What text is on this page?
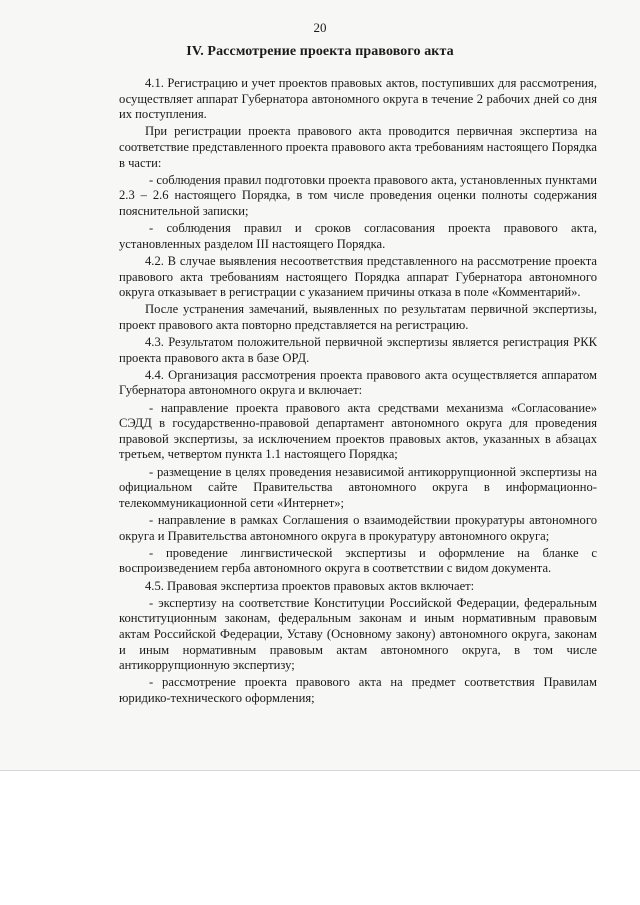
20
IV. Рассмотрение проекта правового акта

4.1. Регистрацию и учет проектов правовых актов, поступивших для рассмотрения, осуществляет аппарат Губернатора автономного округа в течение 2 рабочих дней со дня их поступления.

При регистрации проекта правового акта проводится первичная экспертиза на соответствие представленного проекта правового акта требованиям настоящего Порядка в части:

- соблюдения правил подготовки проекта правового акта, установленных пунктами 2.3 – 2.6 настоящего Порядка, в том числе проведения оценки полноты содержания пояснительной записки;

- соблюдения правил и сроков согласования проекта правового акта, установленных разделом III настоящего Порядка.

4.2. В случае выявления несоответствия представленного на рассмотрение проекта правового акта требованиям настоящего Порядка аппарат Губернатора автономного округа отказывает в регистрации с указанием причины отказа в поле «Комментарий».

После устранения замечаний, выявленных по результатам первичной экспертизы, проект правового акта повторно представляется на регистрацию.

4.3. Результатом положительной первичной экспертизы является регистрация РКК проекта правового акта в базе ОРД.

4.4. Организация рассмотрения проекта правового акта осуществляется аппаратом Губернатора автономного округа и включает:

- направление проекта правового акта средствами механизма «Согласование» СЭДД в государственно-правовой департамент автономного округа для проведения правовой экспертизы, за исключением проектов правовых актов, указанных в абзацах третьем, четвертом пункта 1.1 настоящего Порядка;

- размещение в целях проведения независимой антикоррупционной экспертизы на официальном сайте Правительства автономного округа в информационно-телекоммуникационной сети «Интернет»;

- направление в рамках Соглашения о взаимодействии прокуратуры автономного округа и Правительства автономного округа в прокуратуру автономного округа;

- проведение лингвистической экспертизы и оформление на бланке с воспроизведением герба автономного округа в соответствии с видом документа.

4.5. Правовая экспертиза проектов правовых актов включает:

- экспертизу на соответствие Конституции Российской Федерации, федеральным конституционным законам, федеральным законам и иным нормативным правовым актам Российской Федерации, Уставу (Основному закону) автономного округа, законам и иным нормативным правовым актам автономного округа, в том числе антикоррупционную экспертизу;

- рассмотрение проекта правового акта на предмет соответствия Правилам юридико-технического оформления;
